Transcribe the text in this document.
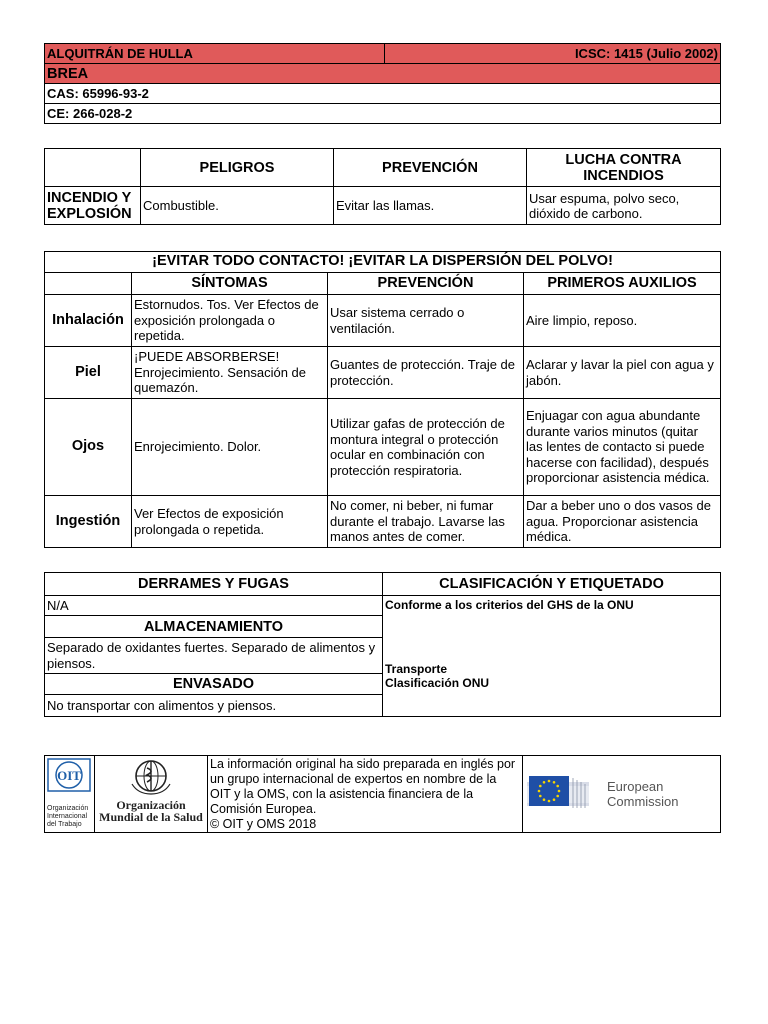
ALQUITRÁN DE HULLA	ICSC: 1415 (Julio 2002)
BREA
CAS: 65996-93-2
CE: 266-028-2
	PELIGROS	PREVENCIÓN	LUCHA CONTRA INCENDIOS
INCENDIO Y EXPLOSIÓN	Combustible.	Evitar las llamas.	Usar espuma, polvo seco, dióxido de carbono.
¡EVITAR TODO CONTACTO! ¡EVITAR LA DISPERSIÓN DEL POLVO!			
	SÍNTOMAS	PREVENCIÓN	PRIMEROS AUXILIOS
Inhalación	Estornudos. Tos. Ver Efectos de exposición prolongada o repetida.	Usar sistema cerrado o ventilación.	Aire limpio, reposo.
Piel	¡PUEDE ABSORBERSE! Enrojecimiento. Sensación de quemazón.	Guantes de protección. Traje de protección.	Aclarar y lavar la piel con agua y jabón.
Ojos	Enrojecimiento. Dolor.	Utilizar gafas de protección de montura integral o protección ocular en combinación con protección respiratoria.	Enjuagar con agua abundante durante varios minutos (quitar las lentes de contacto si puede hacerse con facilidad), después proporcionar asistencia médica.
Ingestión	Ver Efectos de exposición prolongada o repetida.	No comer, ni beber, ni fumar durante el trabajo. Lavarse las manos antes de comer.	Dar a beber uno o dos vasos de agua. Proporcionar asistencia médica.
DERRAMES Y FUGAS	CLASIFICACIÓN Y ETIQUETADO
N/A	Conforme a los criterios del GHS de la ONU
Transporte
Clasificación ONU

ALMACENAMIENTO	
Separado de oxidantes fuertes. Separado de alimentos y piensos.	
ENVASADO	
No transportar con alimentos y piensos.	
OIT
Organización
Internacional
del Trabajo

Organización
Mundial de la Salud

La información original ha sido preparada en inglés por un grupo internacional de expertos en nombre de la OIT y la OMS, con la asistencia financiera de la Comisión Europea.
© OIT y OMS 2018

European
Commission
